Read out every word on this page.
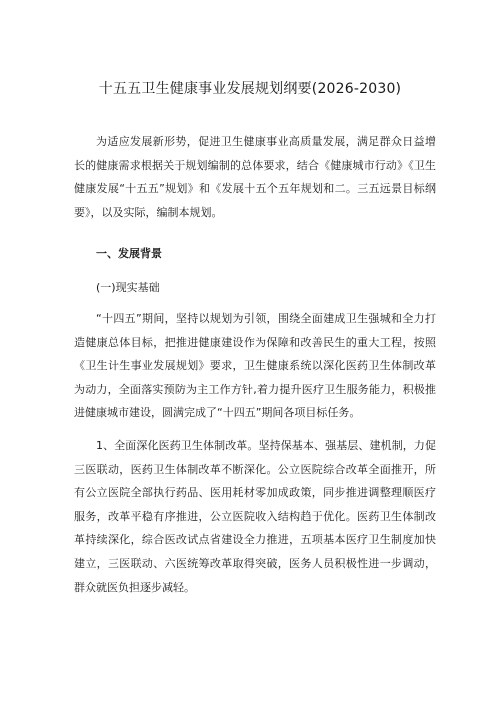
十五五卫生健康事业发展规划纲要(2026-2030)

为适应发展新形势，促进卫生健康事业高质量发展，满足群众日益增长的健康需求根据关于规划编制的总体要求，结合《健康城市行动》《卫生健康发展“十五五”规划》和《发展十五个五年规划和二。三五远景目标纲要》，以及实际，编制本规划。

一、发展背景
(一)现实基础

“十四五”期间，坚持以规划为引领，围绕全面建成卫生强城和全力打造健康总体目标，把推进健康建设作为保障和改善民生的重大工程，按照《卫生计生事业发展规划》要求，卫生健康系统以深化医药卫生体制改革为动力，全面落实预防为主工作方针,着力提升医疗卫生服务能力，积极推进健康城市建设，圆满完成了“十四五”期间各项目标任务。

1、全面深化医药卫生体制改革。坚持保基本、强基层、建机制，力促三医联动，医药卫生体制改革不断深化。公立医院综合改革全面推开，所有公立医院全部执行药品、医用耗材零加成政策，同步推进调整理顺医疗服务，改革平稳有序推进，公立医院收入结构趋于优化。医药卫生体制改革持续深化，综合医改试点省建设全力推进，五项基本医疗卫生制度加快建立，三医联动、六医统筹改革取得突破，医务人员积极性进一步调动，群众就医负担逐步减轻。
